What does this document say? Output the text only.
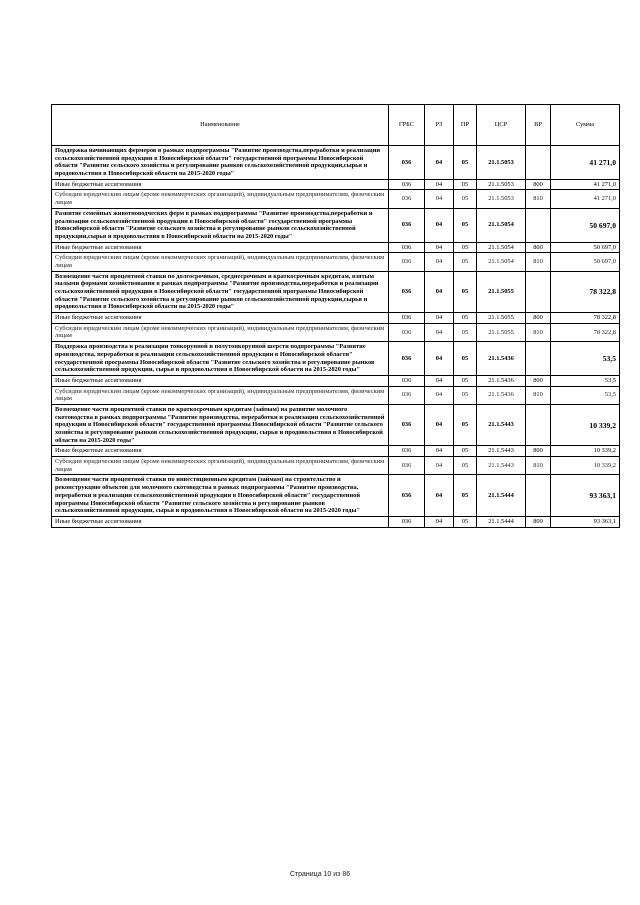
Наименование	ГРБС	РЗ	ПР	ЦСР	ВР	Сумма
Поддержка начинающих фермеров в рамках подпрограммы "Развитие производства,переработки и реализации сельскохозяйственной продукции в Новосибирской области" государственной программы Новосибирской области "Развитие сельского хозяйства и регулирование рынков сельскохозяйственной продукции,сырья и продовольствия в Новосибирской области на 2015-2020 годы"	036	04	05	21.1.5053		41 271,0
Иные бюджетные ассигнования	036	04	05	21.1.5053	800	41 271,0
Субсидии юридическим лицам (кроме некоммерческих организаций), индивидуальным предпринимателям, физическим лицам	036	04	05	21.1.5053	810	41 271,0
Развитие семейных животноводческих ферм в рамках подпрограммы "Развитие производства,переработки и реализации сельскохозяйственной продукции в Новосибирской области" государственной программы Новосибирской области "Развитие сельского хозяйства и регулирование рынков сельскохозяйственной продукции,сырья и продовольствия в Новосибирской области на 2015-2020 годы"	036	04	05	21.1.5054		50 697,0
Иные бюджетные ассигнования	036	04	05	21.1.5054	800	50 697,0
Субсидии юридическим лицам (кроме некоммерческих организаций), индивидуальным предпринимателям, физическим лицам	036	04	05	21.1.5054	810	50 697,0
Возмещение части процентной ставки по долгосрочным, среднесрочным и краткосрочным кредитам, взятым малыми формами хозяйствования в рамках подпрограммы "Развитие производства,переработки и реализации сельскохозяйственной продукции в Новосибирской области" государственной программы Новосибирской области "Развитие сельского хозяйства и регулирование рынков сельскохозяйственной продукции,сырья и продовольствия в Новосибирской области на 2015-2020 годы"	036	04	05	21.1.5055		78 322,8
Иные бюджетные ассигнования	036	04	05	21.1.5055	800	78 322,8
Субсидии юридическим лицам (кроме некоммерческих организаций), индивидуальным предпринимателям, физическим лицам	036	04	05	21.1.5055	810	78 322,8
Поддержка производства и реализации тонкорунной и полутонкорунной шерсти подпрограммы "Развитие производства, переработки и реализации сельскохозяйственной продукции в Новосибирской области" государственной программы Новосибирской области "Развитие сельского хозяйства и регулирование рынков сельскохозяйственной продукции, сырья и продовольствия в Новосибирской области на 2015-2020 годы"	036	04	05	21.1.5436		53,5
Иные бюджетные ассигнования	036	04	05	21.1.5436	800	53,5
Субсидии юридическим лицам (кроме некоммерческих организаций), индивидуальным предпринимателям, физическим лицам	036	04	05	21.1.5436	810	53,5
Возмещение части процентной ставки по краткосрочным кредитам (займам) на развитие молочного скотоводства в рамках подпрограммы "Развитие производства, переработки и реализации сельскохозяйственной продукции в Новосибирской области" государственной программы Новосибирской области "Развитие сельского хозяйства и регулирование рынков сельскохозяйственной продукции, сырья и продовольствия в Новосибирской области на 2015-2020 годы"	036	04	05	21.1.5443		10 339,2
Иные бюджетные ассигнования	036	04	05	21.1.5443	800	10 339,2
Субсидии юридическим лицам (кроме некоммерческих организаций), индивидуальным предпринимателям, физическим лицам	036	04	05	21.1.5443	810	10 339,2
Возмещение части процентной ставки по инвестиционным кредитам (займам) на строительство и реконструкцию объектов для молочного скотоводства в рамках подпрограммы "Развитие производства, переработки и реализации сельскохозяйственной продукции в Новосибирской области" государственной программы Новосибирской области "Развитие сельского хозяйства и регулирование рынков сельскохозяйственной продукции, сырья и продовольствия в Новосибирской области на 2015-2020 годы"	036	04	05	21.1.5444		93 363,1
Иные бюджетные ассигнования	036	04	05	21.1.5444	800	93 363,1
Страница 10 из 86
